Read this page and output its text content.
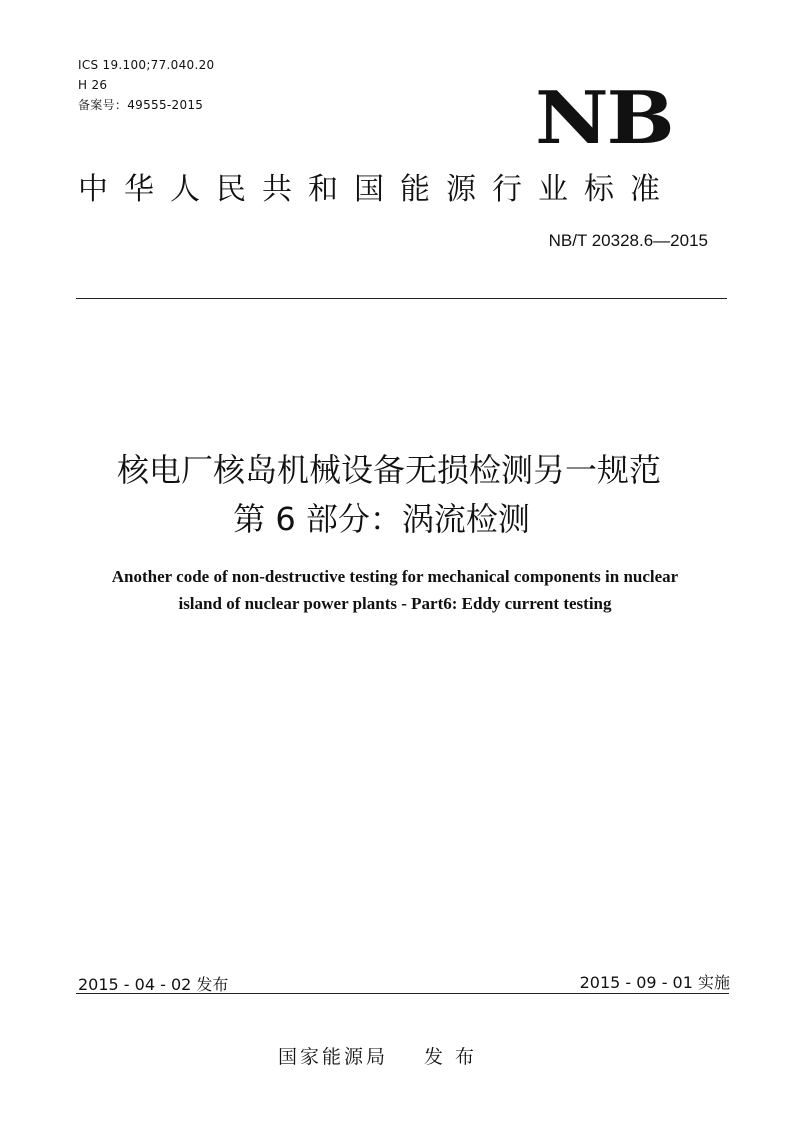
ICS 19.100;77.040.20
H 26
备案号：49555-2015	NB
中华人民共和国能源行业标准
NB/T 20328.6—2015
核电厂核岛机械设备无损检测另一规范
第 6 部分：涡流检测
Another code of non-destructive testing for mechanical components in nuclear
island of nuclear power plants - Part6: Eddy current testing
2015 - 04 - 02 发布	2015 - 09 - 01 实施
国家能源局 发 布
